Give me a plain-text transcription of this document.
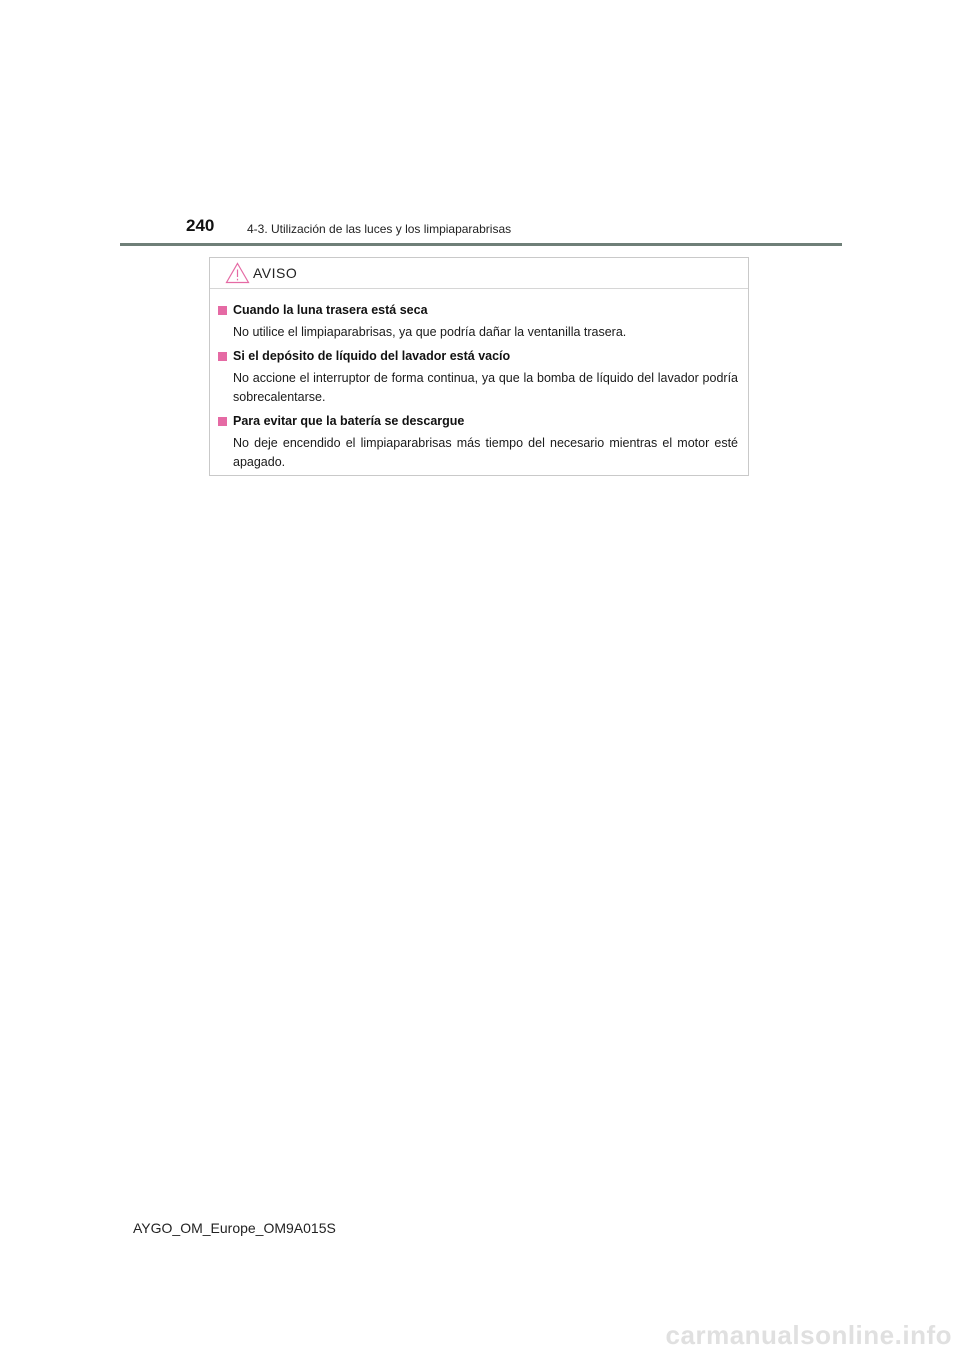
240	4-3. Utilización de las luces y los limpiaparabrisas
AVISO
Cuando la luna trasera está seca
No utilice el limpiaparabrisas, ya que podría dañar la ventanilla trasera.
Si el depósito de líquido del lavador está vacío
No accione el interruptor de forma continua, ya que la bomba de líquido del lavador podría sobrecalentarse.
Para evitar que la batería se descargue
No deje encendido el limpiaparabrisas más tiempo del necesario mientras el motor esté apagado.
AYGO_OM_Europe_OM9A015S
carmanualsonline.info
